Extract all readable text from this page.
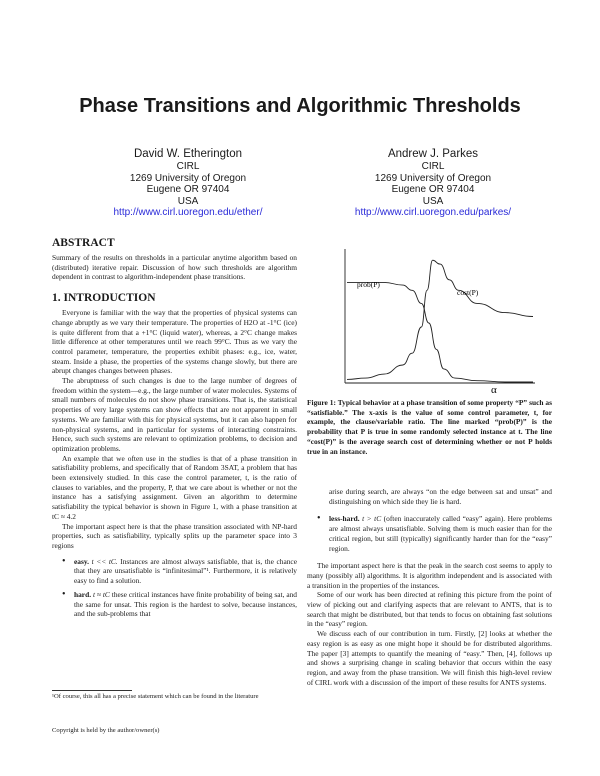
Phase Transitions and Algorithmic Thresholds
David W. Etherington
CIRL
1269 University of Oregon
Eugene OR 97404
USA
http://www.cirl.uoregon.edu/ether/
Andrew J. Parkes
CIRL
1269 University of Oregon
Eugene OR 97404
USA
http://www.cirl.uoregon.edu/parkes/
ABSTRACT

Summary of the results on thresholds in a particular anytime algorithm based on (distributed) iterative repair. Discussion of how such thresholds are algorithm dependent in contrast to algorithm-independent phase transitions.

1. INTRODUCTION

Everyone is familiar with the way that the properties of physical systems can change abruptly as we vary their temperature. The properties of H2O at -1°C (ice) is quite different from that a +1°C (liquid water), whereas, a 2°C change makes little difference at other temperatures until we reach 99°C. Thus as we vary the control parameter, temperature, the properties exhibit phases: e.g., ice, water, steam. Inside a phase, the properties of the systems change slowly, but there are abrupt changes changes between phases.

The abruptness of such changes is due to the large number of degrees of freedom within the system—e.g., the large number of water molecules. Systems of small numbers of molecules do not show phase transitions. That is, the statistical properties of very large systems can show effects that are not apparent in small systems. We are familiar with this for physical systems, but it can also happen for non-physical systems, and in particular for systems of interacting constraints. Hence, such such systems are relevant to optimization problems, to decision and optimization problems.

An example that we often use in the studies is that of a phase transition in satisfiability problems, and specifically that of Random 3SAT, a problem that has been extensively studied. In this case the control parameter, t, is the ratio of clauses to variables, and the property, P, that we care about is whether or not the instance has a satisfying assignment. Given an algorithm to determine satisfiability the typical behavior is shown in Figure 1, with a phase transition at tC ≈ 4.2

The important aspect here is that the phase transition associated with NP-hard properties, such as satisfiability, typically splits up the parameter space into 3 regions

• easy. t << tC. Instances are almost always satisfiable, that is, the chance that they are unsatisfiable is “infinitesimal”¹. Furthermore, it is relatively easy to find a solution.
• hard. t ≈ tC these critical instances have finite probability of being sat, and the same for unsat. This region is the hardest to solve, because instances, and the sub-problems that
prob(P)
cost(P)
α

Figure 1: Typical behavior at a phase transition of some property “P” such as “satisfiable.” The x-axis is the value of some control parameter, t, for example, the clause/variable ratio. The line marked “prob(P)” is the probability that P is true in some randomly selected instance at t. The line “cost(P)” is the average search cost of determining whether or not P holds true in an instance.

arise during search, are always “on the edge between sat and unsat” and distinguishing on which side they lie is hard.

• less-hard. t > tC (often inaccurately called “easy” again). Here problems are almost always unsatisfiable. Solving them is much easier than for the critical region, but still (typically) significantly harder than for the “easy” region.

The important aspect here is that the peak in the search cost seems to apply to many (possibly all) algorithms. It is algorithm independent and is associated with a transition in the properties of the instances.

Some of our work has been directed at refining this picture from the point of view of picking out and clarifying aspects that are relevant to ANTS, that is to search that might be distributed, but that tends to focus on obtaining fast solutions in the “easy” region.

We discuss each of our contribution in turn. Firstly, [2] looks at whether the easy region is as easy as one might hope it should be for distributed algorithms. The paper [3] attempts to quantify the meaning of “easy.” Then, [4], follows up and shows a surprising change in scaling behavior that occurs within the easy region, and away from the phase transition. We will finish this high-level review of CIRL work with a discussion of the import of these results for ANTS systems.

¹Of course, this all has a precise statement which can be found in the literature
Copyright is held by the author/owner(s)
